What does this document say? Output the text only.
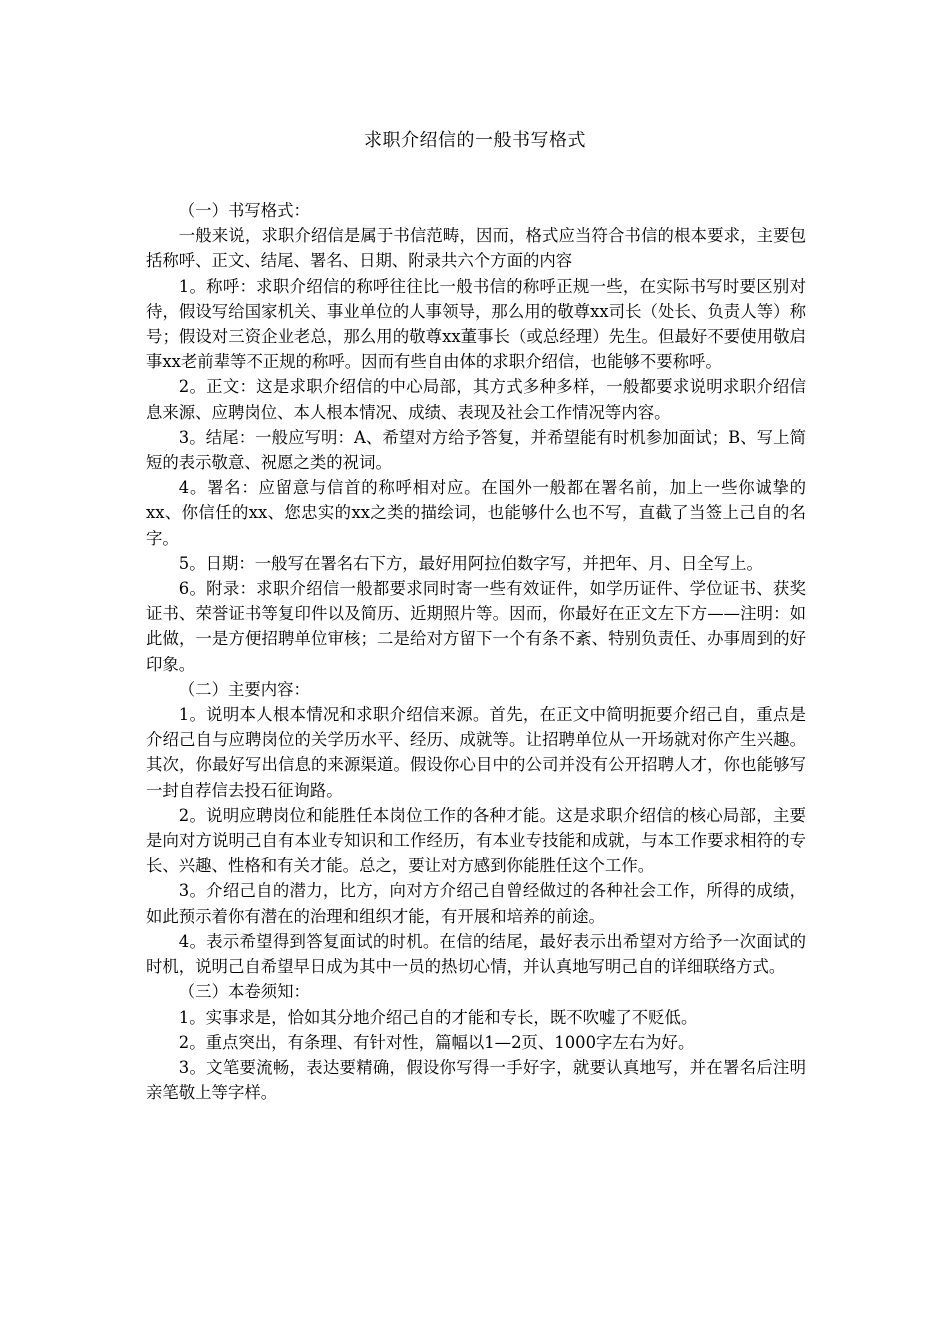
求职介绍信的一般书写格式

（一）书写格式：

一般来说，求职介绍信是属于书信范畴，因而，格式应当符合书信的根本要求，主要包括称呼、正文、结尾、署名、日期、附录共六个方面的内容

1。称呼：求职介绍信的称呼往往比一般书信的称呼正规一些，在实际书写时要区别对待，假设写给国家机关、事业单位的人事领导，那么用的敬尊xx司长（处长、负责人等）称号；假设对三资企业老总，那么用的敬尊xx董事长（或总经理）先生。但最好不要使用敬启事xx老前辈等不正规的称呼。因而有些自由体的求职介绍信，也能够不要称呼。

2。正文：这是求职介绍信的中心局部，其方式多种多样，一般都要求说明求职介绍信息来源、应聘岗位、本人根本情况、成绩、表现及社会工作情况等内容。

3。结尾：一般应写明：A、希望对方给予答复，并希望能有时机参加面试；B、写上简短的表示敬意、祝愿之类的祝词。

4。署名：应留意与信首的称呼相对应。在国外一般都在署名前，加上一些你诚挚的xx、你信任的xx、您忠实的xx之类的描绘词，也能够什么也不写，直截了当签上己自的名字。

5。日期：一般写在署名右下方，最好用阿拉伯数字写，并把年、月、日全写上。

6。附录：求职介绍信一般都要求同时寄一些有效证件，如学历证件、学位证书、获奖证书、荣誉证书等复印件以及简历、近期照片等。因而，你最好在正文左下方——注明：如此做，一是方便招聘单位审核；二是给对方留下一个有条不紊、特别负责任、办事周到的好印象。

（二）主要内容：

1。说明本人根本情况和求职介绍信来源。首先，在正文中简明扼要介绍己自，重点是介绍己自与应聘岗位的关学历水平、经历、成就等。让招聘单位从一开场就对你产生兴趣。其次，你最好写出信息的来源渠道。假设你心目中的公司并没有公开招聘人才，你也能够写一封自荐信去投石征询路。

2。说明应聘岗位和能胜任本岗位工作的各种才能。这是求职介绍信的核心局部，主要是向对方说明己自有本业专知识和工作经历，有本业专技能和成就，与本工作要求相符的专长、兴趣、性格和有关才能。总之，要让对方感到你能胜任这个工作。

3。介绍己自的潜力，比方，向对方介绍己自曾经做过的各种社会工作，所得的成绩，如此预示着你有潜在的治理和组织才能，有开展和培养的前途。

4。表示希望得到答复面试的时机。在信的结尾，最好表示出希望对方给予一次面试的时机，说明己自希望早日成为其中一员的热切心情，并认真地写明己自的详细联络方式。

（三）本卷须知：

1。实事求是，恰如其分地介绍己自的才能和专长，既不吹嘘了不贬低。

2。重点突出，有条理、有针对性，篇幅以1—2页、1000字左右为好。

3。文笔要流畅，表达要精确，假设你写得一手好字，就要认真地写，并在署名后注明亲笔敬上等字样。
